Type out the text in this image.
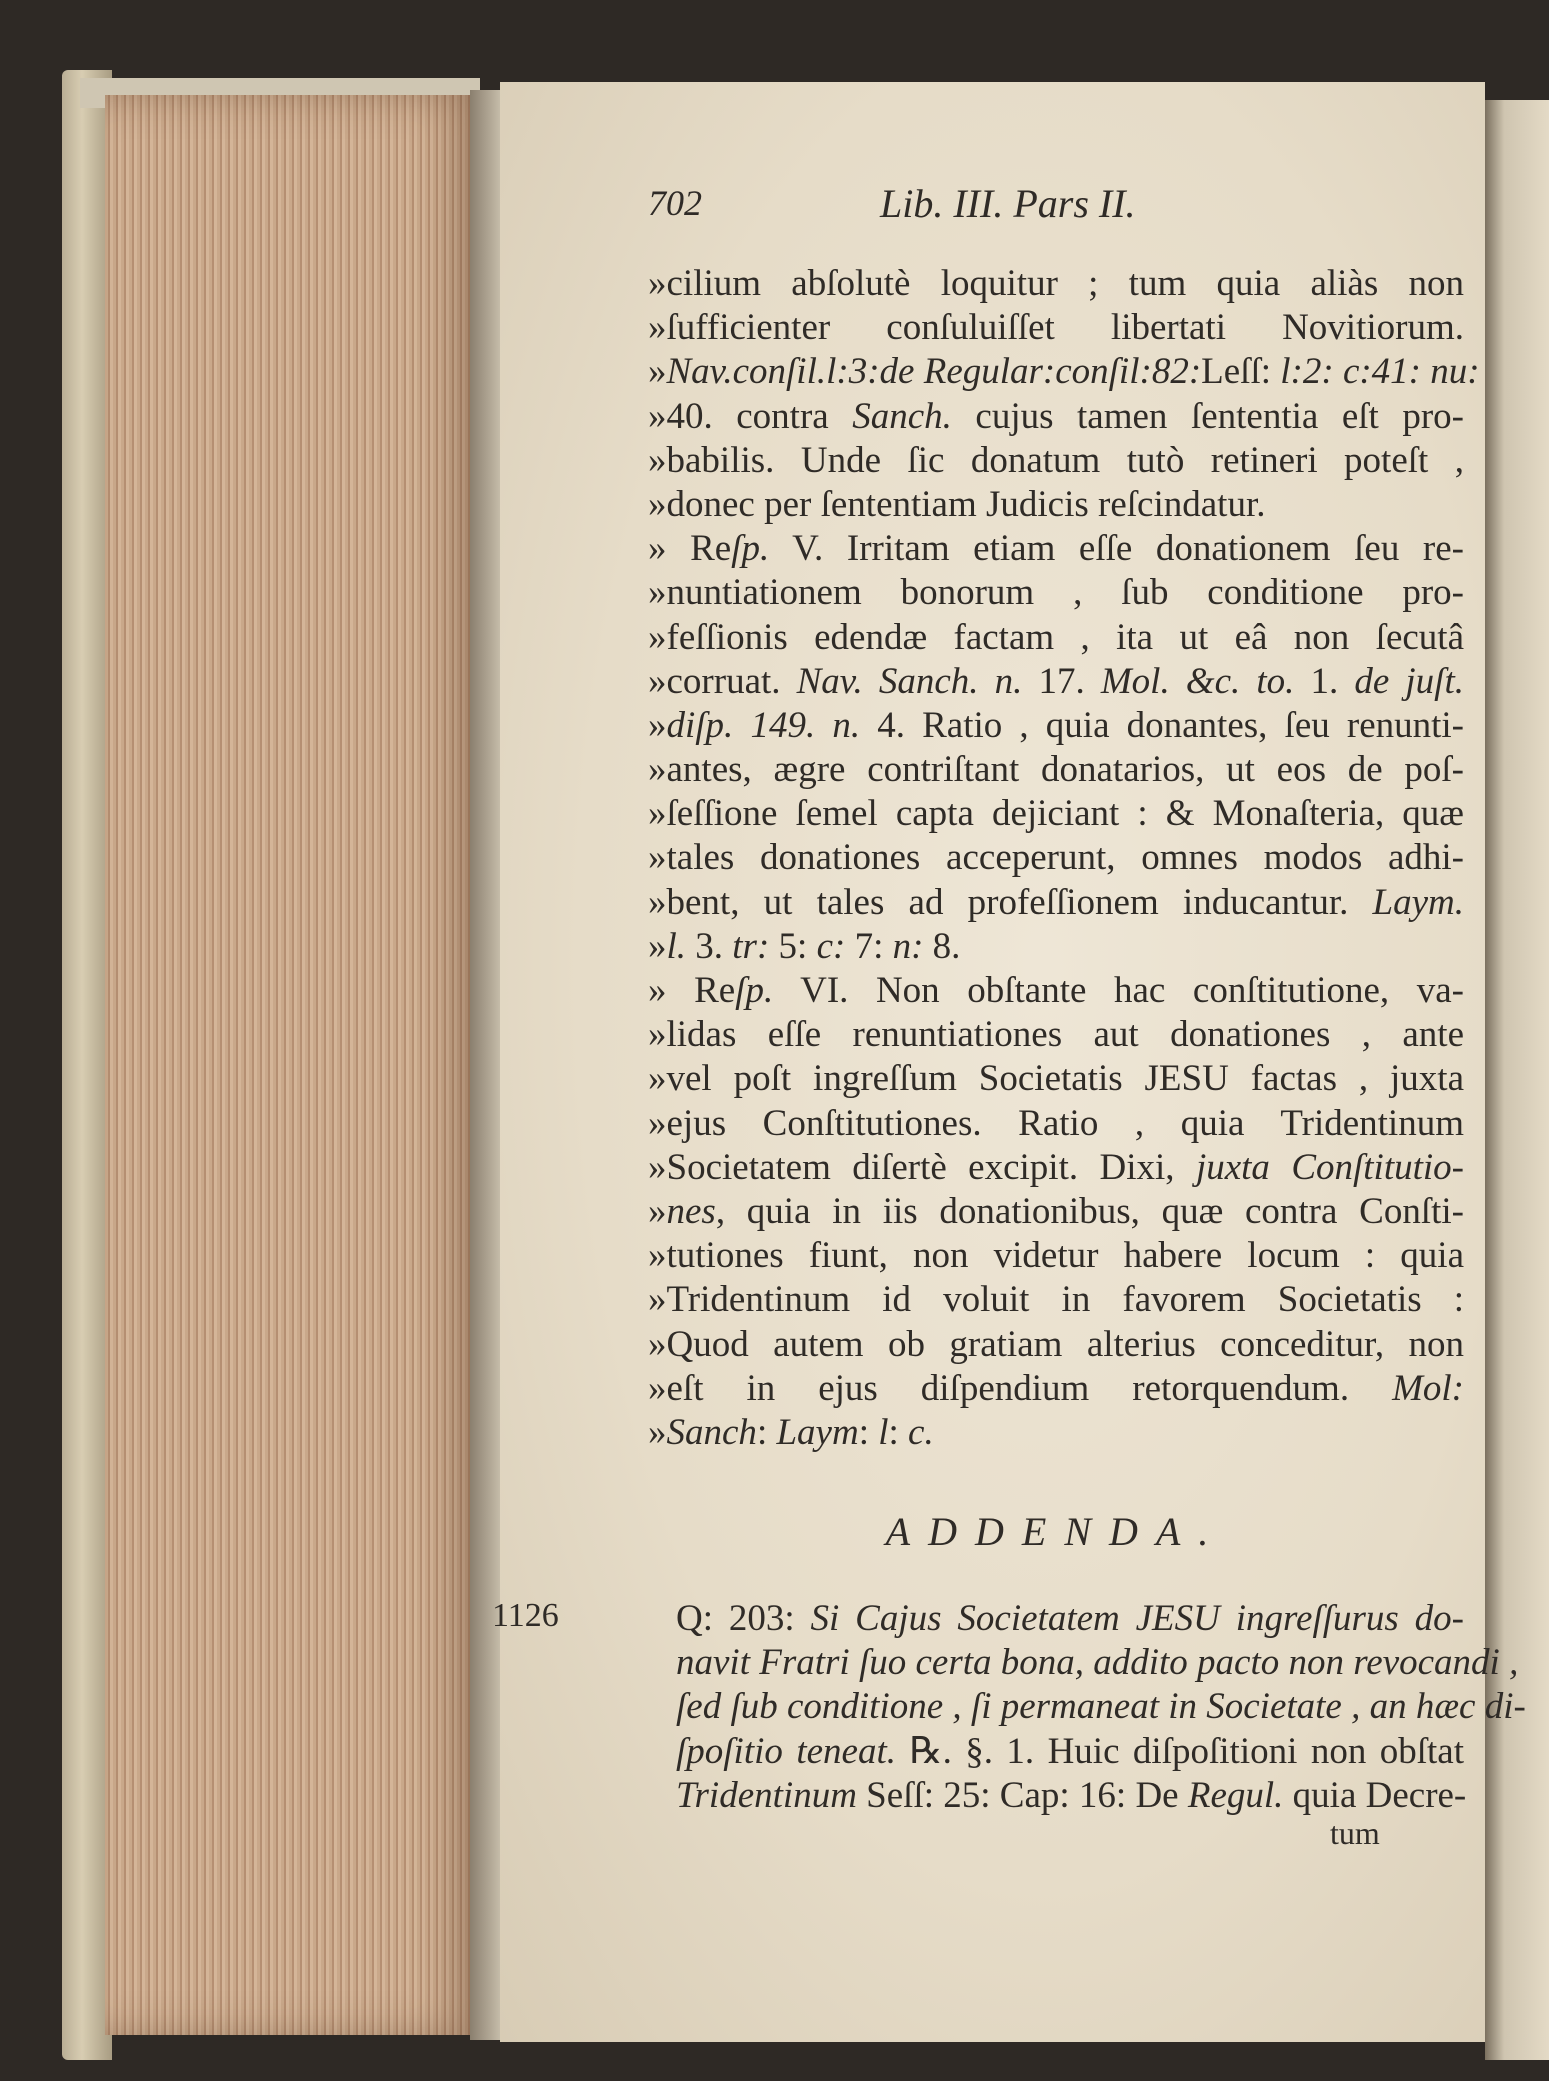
702	Lib. III. Pars II.
»cilium abſolutè loquitur ; tum quia aliàs non
»ſufficienter conſuluiſſet libertati Novitiorum.
»Nav.conſil.l:3:de Regular:conſil:82:Leſſ: l:2: c:41: nu:
»40. contra Sanch. cujus tamen ſententia eſt pro-
»babilis. Unde ſic donatum tutò retineri poteſt ,
»donec per ſententiam Judicis reſcindatur.
» Reſp. V. Irritam etiam eſſe donationem ſeu re-
»nuntiationem bonorum , ſub conditione pro-
»feſſionis edendæ factam , ita ut eâ non ſecutâ
»corruat. Nav. Sanch. n. 17. Mol. &c. to. 1. de juſt.
»diſp. 149. n. 4. Ratio , quia donantes, ſeu renunti-
»antes, ægre contriſtant donatarios, ut eos de poſ-
»ſeſſione ſemel capta dejiciant : & Monaſteria, quæ
»tales donationes acceperunt, omnes modos adhi-
»bent, ut tales ad profeſſionem inducantur. Laym.
»l. 3. tr: 5: c: 7: n: 8.
» Reſp. VI. Non obſtante hac conſtitutione, va-
»lidas eſſe renuntiationes aut donationes , ante
»vel poſt ingreſſum Societatis JESU factas , juxta
»ejus Conſtitutiones. Ratio , quia Tridentinum
»Societatem diſertè excipit. Dixi, juxta Conſtitutio-
»nes, quia in iis donationibus, quæ contra Conſti-
»tutiones fiunt, non videtur habere locum : quia
»Tridentinum id voluit in favorem Societatis :
»Quod autem ob gratiam alterius conceditur, non
»eſt in ejus diſpendium retorquendum. Mol:
»Sanch: Laym: l: c.
ADDENDA.
1126	Q: 203: Si Cajus Societatem JESU ingreſſurus do-
navit Fratri ſuo certa bona, addito pacto non revocandi ,
ſed ſub conditione , ſi permaneat in Societate , an hæc di-
ſpoſitio teneat. ℞. §. 1. Huic diſpoſitioni non obſtat
Tridentinum Seſſ: 25: Cap: 16: De Regul. quia Decre-
tum
